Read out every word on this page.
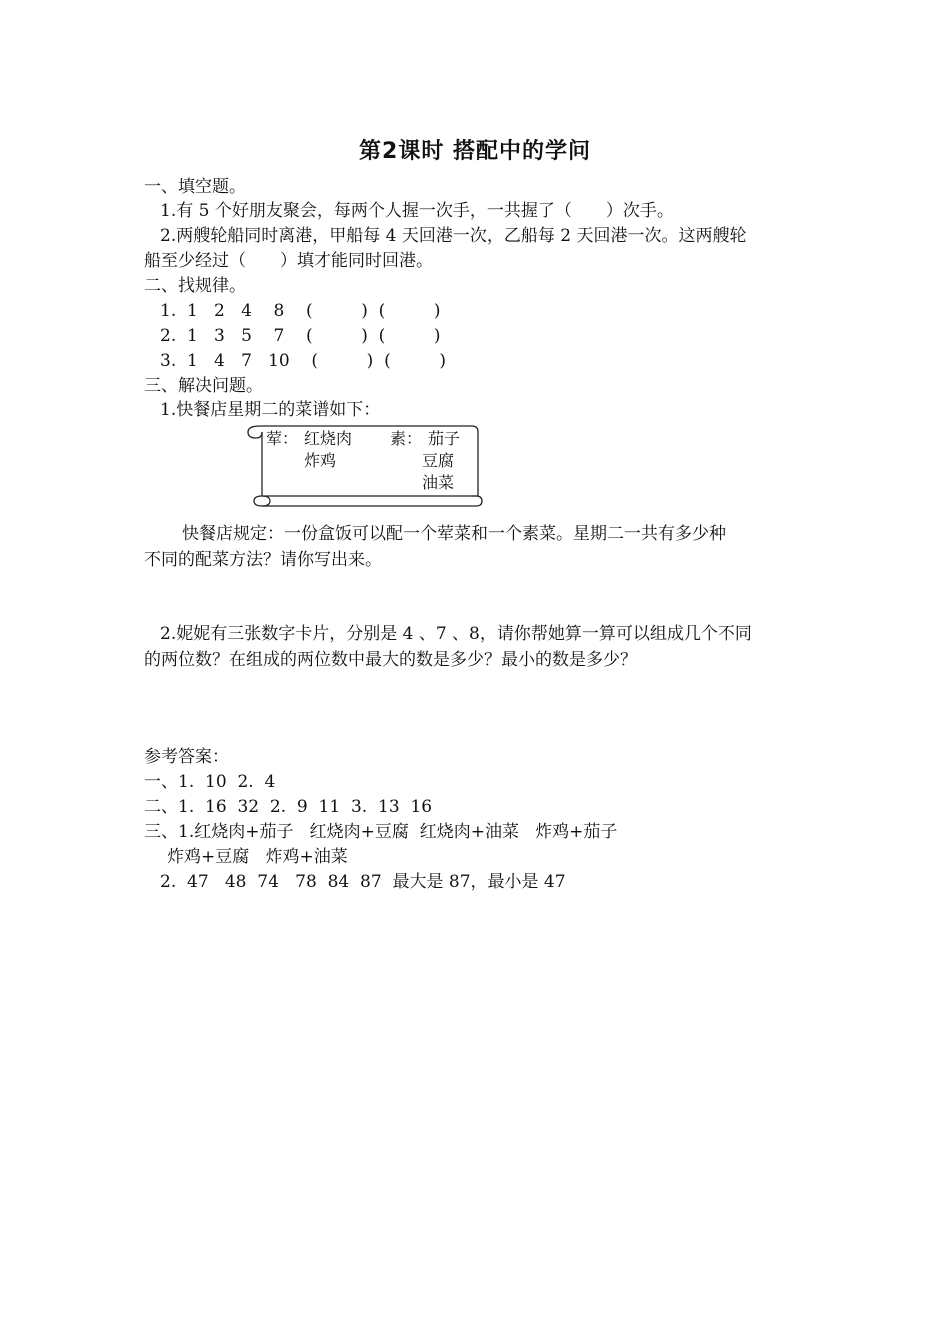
第2课时 搭配中的学问
一、填空题。
1.有 5 个好朋友聚会，每两个人握一次手，一共握了（　　）次手。
2.两艘轮船同时离港，甲船每 4 天回港一次，乙船每 2 天回港一次。这两艘轮
船至少经过（　　）填才能同时回港。
二、找规律。
1.  1   2   4    8    (         )  (         )
2.  1   3   5    7    (         )  (         )
3.  1   4   7   10    (         )  (         )
三、解决问题。
1.快餐店星期二的菜谱如下：
荤： 红烧肉
炸鸡
素： 茄子
豆腐
油菜
快餐店规定：一份盒饭可以配一个荤菜和一个素菜。星期二一共有多少种
不同的配菜方法？请你写出来。
2.妮妮有三张数字卡片，分别是 4 、7 、8，请你帮她算一算可以组成几个不同
的两位数？在组成的两位数中最大的数是多少？最小的数是多少？
参考答案：
一、1.  10  2.  4
二、1.  16  32  2.  9  11  3.  13  16
三、1.红烧肉+茄子   红烧肉+豆腐  红烧肉+油菜   炸鸡+茄子
炸鸡+豆腐   炸鸡+油菜
2.  47   48  74   78  84  87  最大是 87，最小是 47
